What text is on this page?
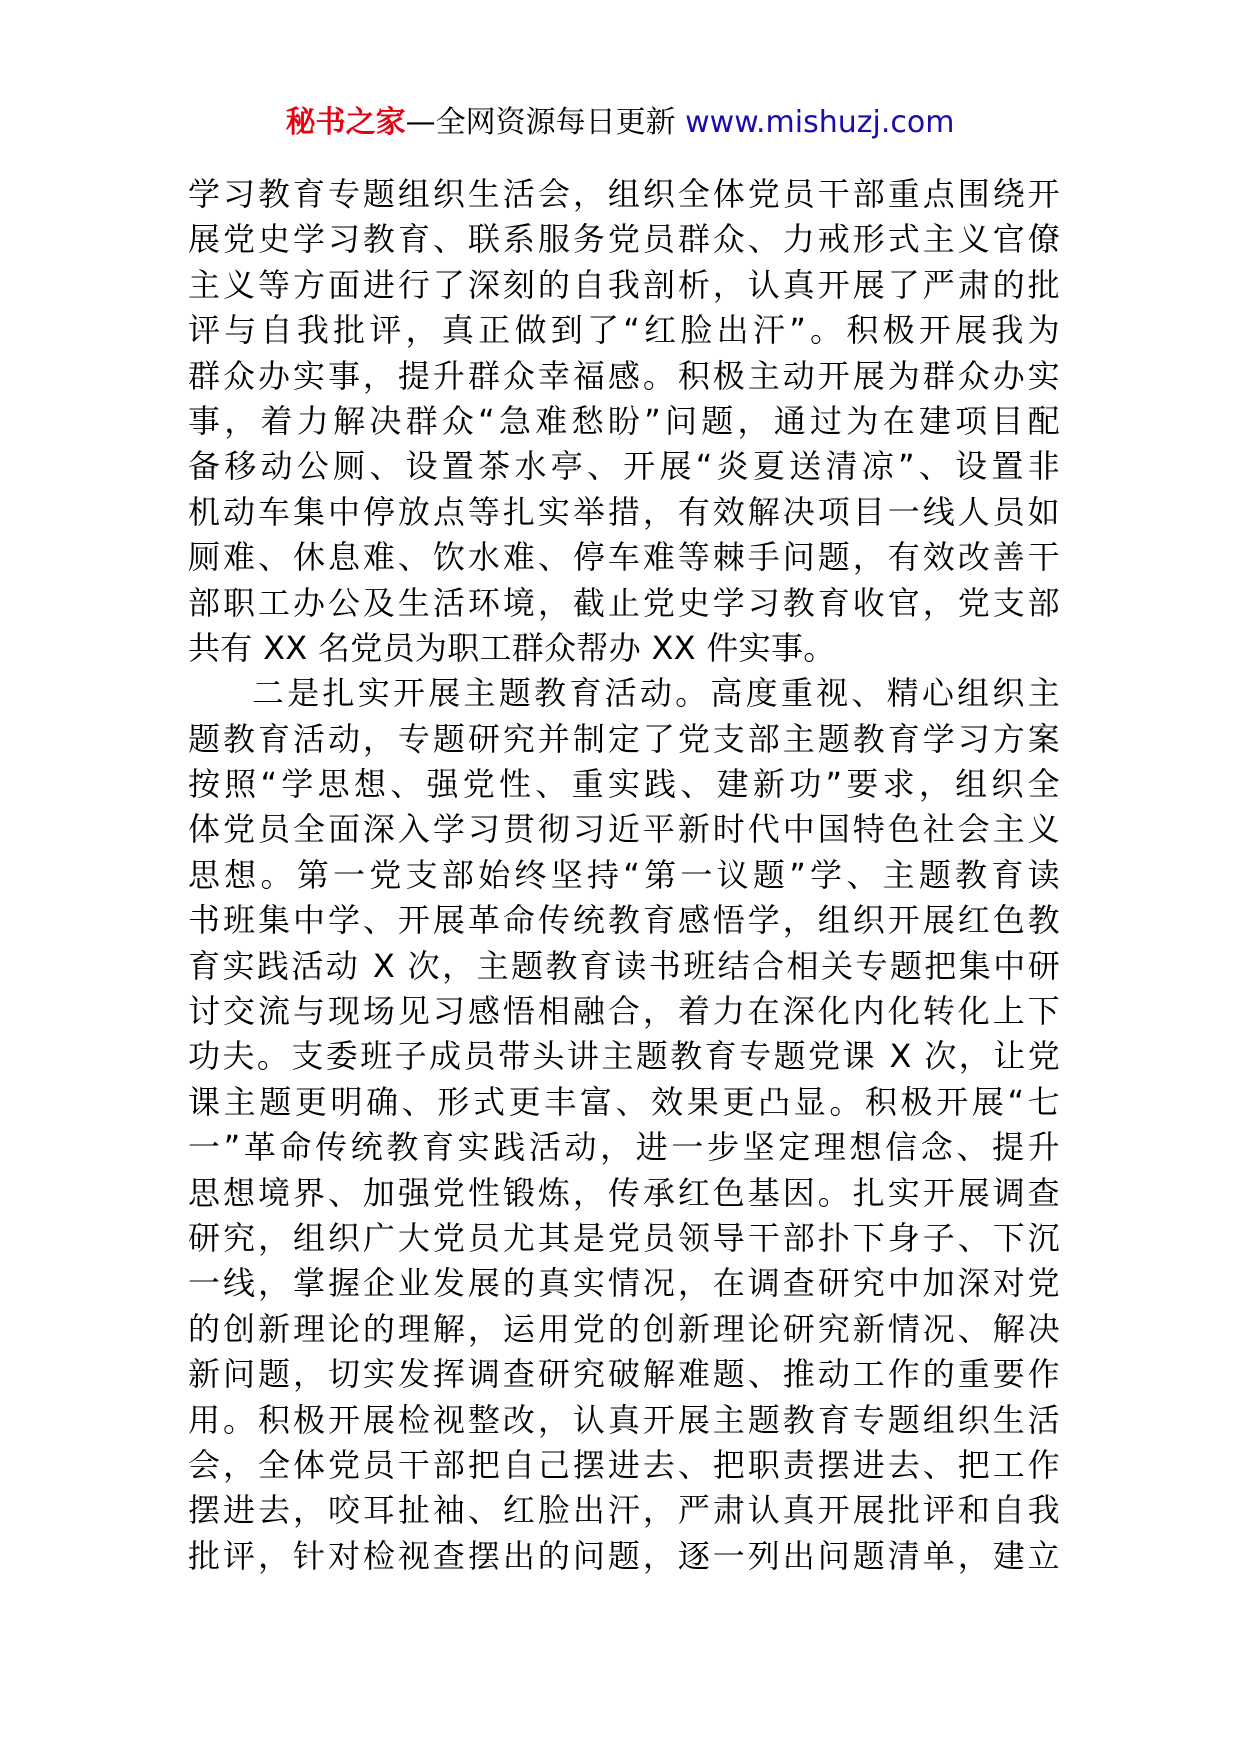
秘书之家—全网资源每日更新 www.mishuzj.com
学习教育专题组织生活会，组织全体党员干部重点围绕开
展党史学习教育、联系服务党员群众、力戒形式主义官僚
主义等方面进行了深刻的自我剖析，认真开展了严肃的批
评与自我批评，真正做到了“红脸出汗”。积极开展我为
群众办实事，提升群众幸福感。积极主动开展为群众办实
事，着力解决群众“急难愁盼”问题，通过为在建项目配
备移动公厕、设置茶水亭、开展“炎夏送清凉”、设置非
机动车集中停放点等扎实举措，有效解决项目一线人员如
厕难、休息难、饮水难、停车难等棘手问题，有效改善干
部职工办公及生活环境，截止党史学习教育收官，党支部
共有 XX 名党员为职工群众帮办 XX 件实事。
二是扎实开展主题教育活动。高度重视、精心组织主
题教育活动，专题研究并制定了党支部主题教育学习方案
按照“学思想、强党性、重实践、建新功”要求，组织全
体党员全面深入学习贯彻习近平新时代中国特色社会主义
思想。第一党支部始终坚持“第一议题”学、主题教育读
书班集中学、开展革命传统教育感悟学，组织开展红色教
育实践活动 X 次，主题教育读书班结合相关专题把集中研
讨交流与现场见习感悟相融合，着力在深化内化转化上下
功夫。支委班子成员带头讲主题教育专题党课 X 次，让党
课主题更明确、形式更丰富、效果更凸显。积极开展“七
一”革命传统教育实践活动，进一步坚定理想信念、提升
思想境界、加强党性锻炼，传承红色基因。扎实开展调查
研究，组织广大党员尤其是党员领导干部扑下身子、下沉
一线，掌握企业发展的真实情况，在调查研究中加深对党
的创新理论的理解，运用党的创新理论研究新情况、解决
新问题，切实发挥调查研究破解难题、推动工作的重要作
用。积极开展检视整改，认真开展主题教育专题组织生活
会，全体党员干部把自己摆进去、把职责摆进去、把工作
摆进去，咬耳扯袖、红脸出汗，严肃认真开展批评和自我
批评，针对检视查摆出的问题，逐一列出问题清单，建立
